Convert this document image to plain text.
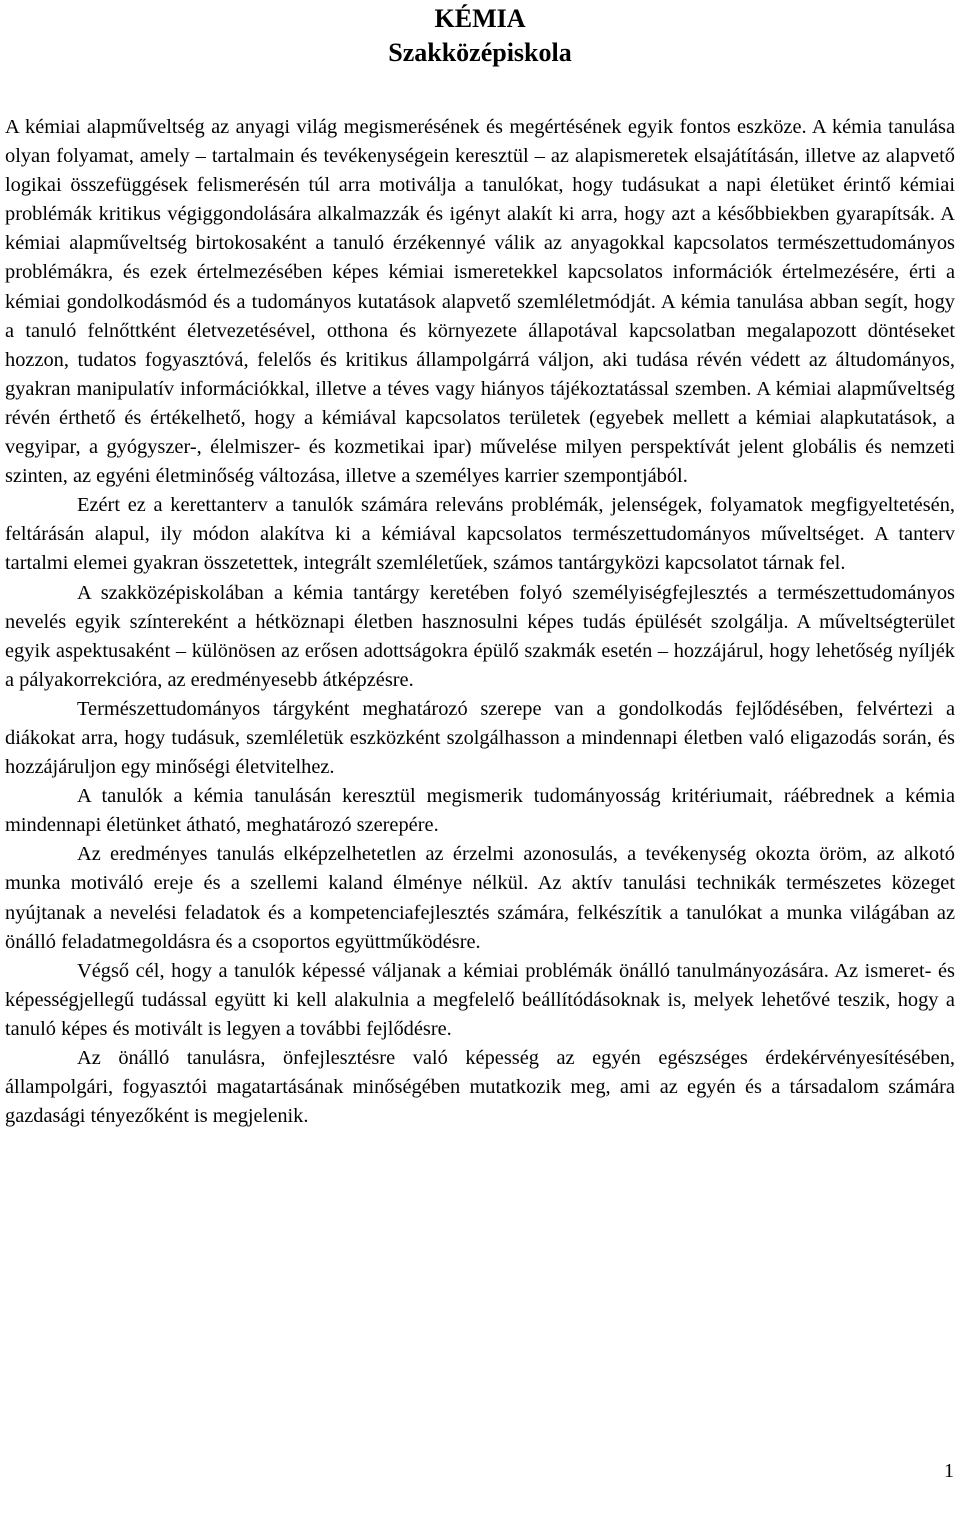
KÉMIA
Szakközépiskola

A kémiai alapműveltség az anyagi világ megismerésének és megértésének egyik fontos eszköze. A kémia tanulása olyan folyamat, amely – tartalmain és tevékenységein keresztül – az alapismeretek elsajátításán, illetve az alapvető logikai összefüggések felismerésén túl arra motiválja a tanulókat, hogy tudásukat a napi életüket érintő kémiai problémák kritikus végiggondolására alkalmazzák és igényt alakít ki arra, hogy azt a későbbiekben gyarapítsák. A kémiai alapműveltség birtokosaként a tanuló érzékennyé válik az anyagokkal kapcsolatos természettudományos problémákra, és ezek értelmezésében képes kémiai ismeretekkel kapcsolatos információk értelmezésére, érti a kémiai gondolkodásmód és a tudományos kutatások alapvető szemléletmódját. A kémia tanulása abban segít, hogy a tanuló felnőttként életvezetésével, otthona és környezete állapotával kapcsolatban megalapozott döntéseket hozzon, tudatos fogyasztóvá, felelős és kritikus állampolgárrá váljon, aki tudása révén védett az áltudományos, gyakran manipulatív információkkal, illetve a téves vagy hiányos tájékoztatással szemben. A kémiai alapműveltség révén érthető és értékelhető, hogy a kémiával kapcsolatos területek (egyebek mellett a kémiai alapkutatások, a vegyipar, a gyógyszer-, élelmiszer- és kozmetikai ipar) művelése milyen perspektívát jelent globális és nemzeti szinten, az egyéni életminőség változása, illetve a személyes karrier szempontjából.

Ezért ez a kerettanterv a tanulók számára releváns problémák, jelenségek, folyamatok megfigyeltetésén, feltárásán alapul, ily módon alakítva ki a kémiával kapcsolatos természettudományos műveltséget. A tanterv tartalmi elemei gyakran összetettek, integrált szemléletűek, számos tantárgyközi kapcsolatot tárnak fel.

A szakközépiskolában a kémia tantárgy keretében folyó személyiségfejlesztés a természettudományos nevelés egyik színtereként a hétköznapi életben hasznosulni képes tudás épülését szolgálja. A műveltségterület egyik aspektusaként – különösen az erősen adottságokra épülő szakmák esetén – hozzájárul, hogy lehetőség nyíljék a pályakorrekcióra, az eredményesebb átképzésre.

Természettudományos tárgyként meghatározó szerepe van a gondolkodás fejlődésében, felvértezi a diákokat arra, hogy tudásuk, szemléletük eszközként szolgálhasson a mindennapi életben való eligazodás során, és hozzájáruljon egy minőségi életvitelhez.

A tanulók a kémia tanulásán keresztül megismerik tudományosság kritériumait, ráébrednek a kémia mindennapi életünket átható, meghatározó szerepére.

Az eredményes tanulás elképzelhetetlen az érzelmi azonosulás, a tevékenység okozta öröm, az alkotó munka motiváló ereje és a szellemi kaland élménye nélkül. Az aktív tanulási technikák természetes közeget nyújtanak a nevelési feladatok és a kompetenciafejlesztés számára, felkészítik a tanulókat a munka világában az önálló feladatmegoldásra és a csoportos együttműködésre.

Végső cél, hogy a tanulók képessé váljanak a kémiai problémák önálló tanulmányozására. Az ismeret- és képességjellegű tudással együtt ki kell alakulnia a megfelelő beállítódásoknak is, melyek lehetővé teszik, hogy a tanuló képes és motivált is legyen a további fejlődésre.

Az önálló tanulásra, önfejlesztésre való képesség az egyén egészséges érdekérvényesítésében, állampolgári, fogyasztói magatartásának minőségében mutatkozik meg, ami az egyén és a társadalom számára gazdasági tényezőként is megjelenik.

1
